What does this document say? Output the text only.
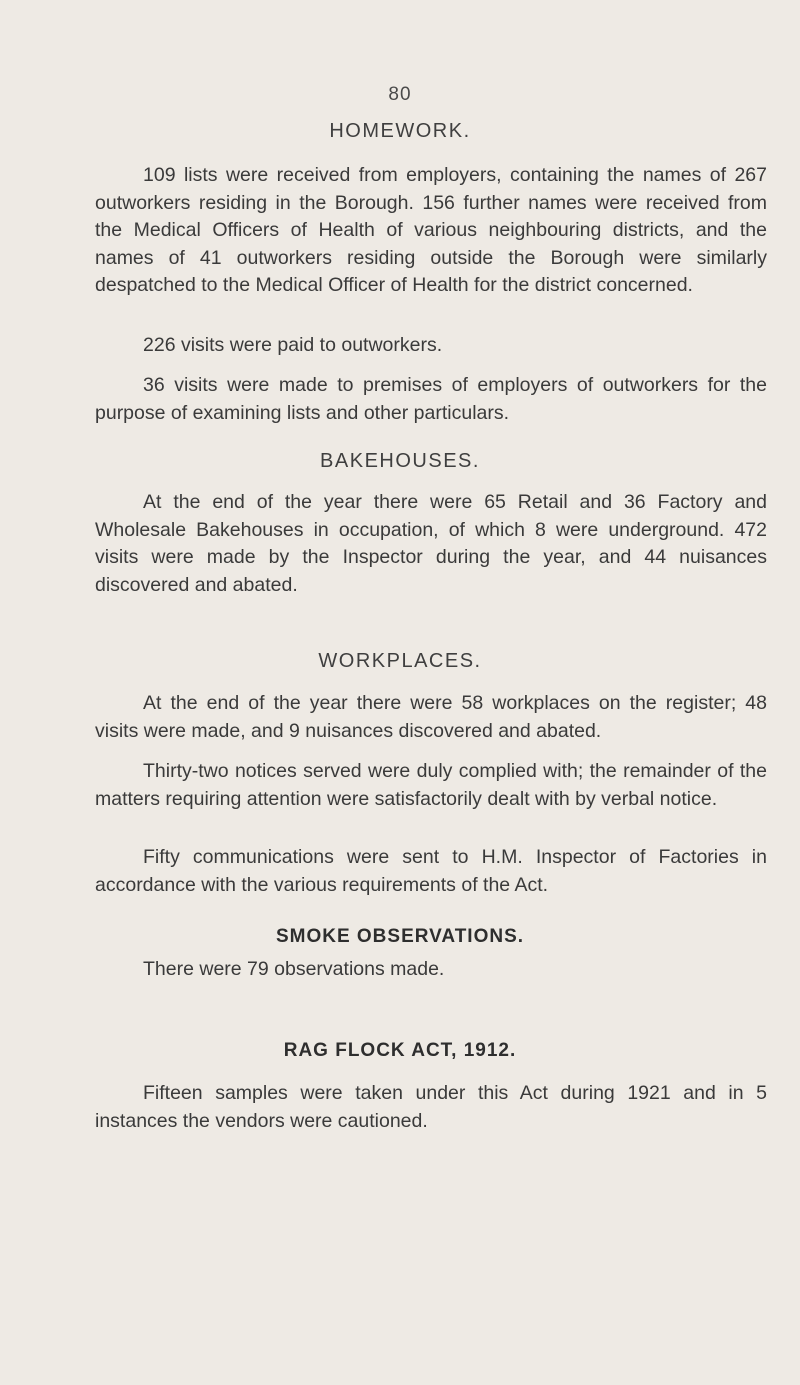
80
HOMEWORK.

109 lists were received from employers, containing the names of 267 outworkers residing in the Borough. 156 further names were received from the Medical Officers of Health of various neighbouring districts, and the names of 41 outworkers residing outside the Borough were similarly despatched to the Medical Officer of Health for the district concerned.

226 visits were paid to outworkers.

36 visits were made to premises of employers of outworkers for the purpose of examining lists and other particulars.

BAKEHOUSES.

At the end of the year there were 65 Retail and 36 Factory and Wholesale Bakehouses in occupation, of which 8 were underground. 472 visits were made by the Inspector during the year, and 44 nuisances discovered and abated.

WORKPLACES.

At the end of the year there were 58 workplaces on the register; 48 visits were made, and 9 nuisances discovered and abated.

Thirty-two notices served were duly complied with; the remainder of the matters requiring attention were satisfactorily dealt with by verbal notice.

Fifty communications were sent to H.M. Inspector of Factories in accordance with the various requirements of the Act.

SMOKE OBSERVATIONS.

There were 79 observations made.

RAG FLOCK ACT, 1912.

Fifteen samples were taken under this Act during 1921 and in 5 instances the vendors were cautioned.
